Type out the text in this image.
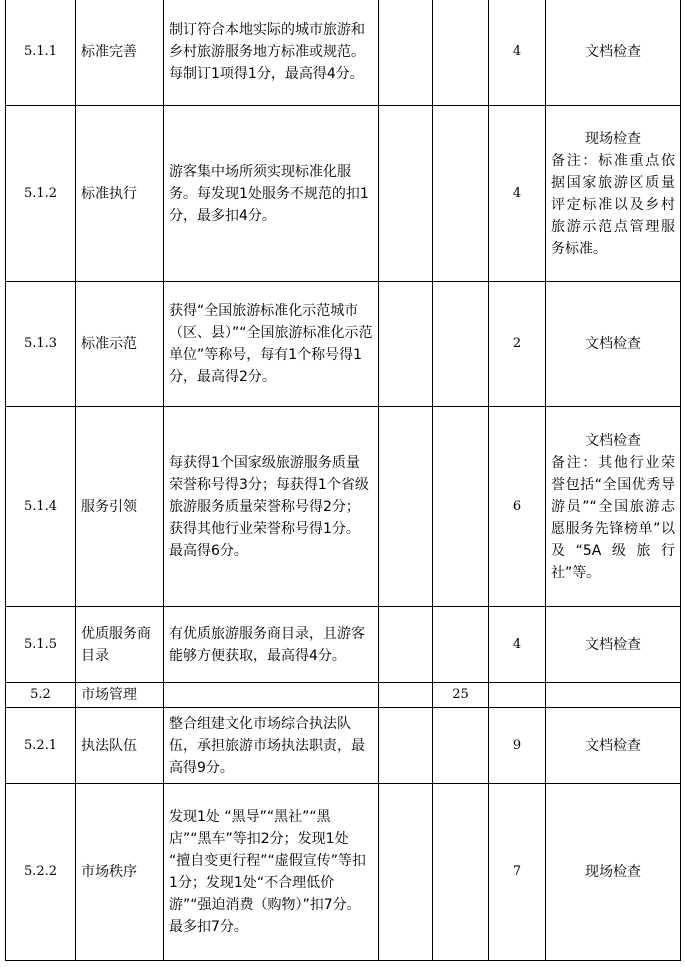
5.1.1	标准完善	制订符合本地实际的城市旅游和乡村旅游服务地方标准或规范。每制订1项得1分，最高得4分。			4	文档检查
5.1.2	标准执行	游客集中场所须实现标准化服务。每发现1处服务不规范的扣1分，最多扣4分。			4	现场检查
备注：标准重点依据国家旅游区质量评定标准以及乡村旅游示范点管理服务标准。

5.1.3	标准示范	获得“全国旅游标准化示范城市（区、县）”“全国旅游标准化示范单位”等称号，每有1个称号得1分，最高得2分。			2	文档检查
5.1.4	服务引领	每获得1个国家级旅游服务质量荣誉称号得3分；每获得1个省级旅游服务质量荣誉称号得2分；获得其他行业荣誉称号得1分。最高得6分。			6	文档检查
备注：其他行业荣誉包括“全国优秀导游员”“全国旅游志愿服务先锋榜单”以及“5A级旅行社”等。

5.1.5	优质服务商目录	有优质旅游服务商目录，且游客能够方便获取，最高得4分。			4	文档检查
5.2	市场管理			25		
5.2.1	执法队伍	整合组建文化市场综合执法队伍，承担旅游市场执法职责，最高得9分。			9	文档检查
5.2.2	市场秩序	发现1处 “黑导”“黑社”“黑店”“黑车”等扣2分；发现1处 “擅自变更行程”“虚假宣传”等扣1分；发现1处“不合理低价游”“强迫消费（购物）”扣7分。最多扣7分。			7	现场检查
